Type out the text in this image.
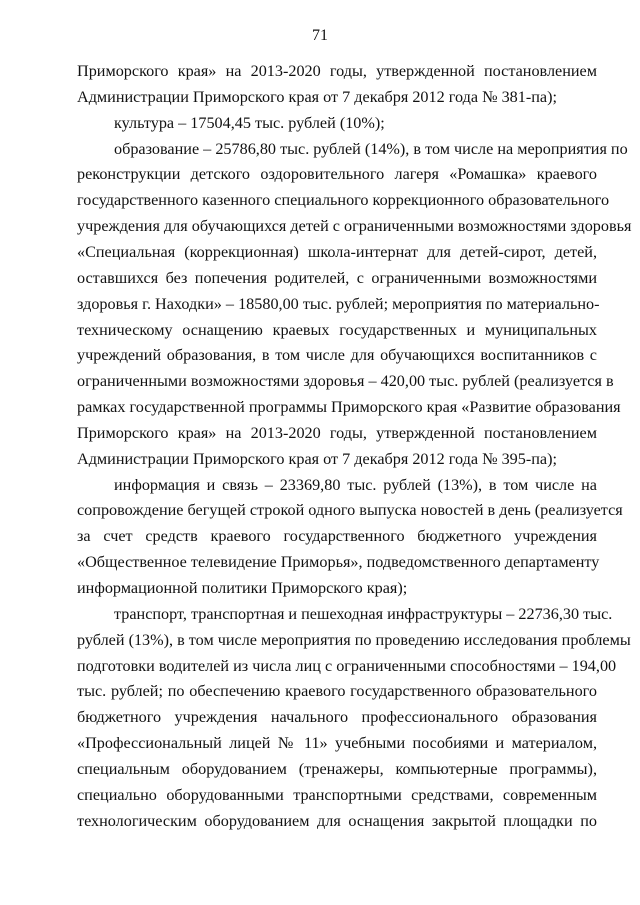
71
Приморского края» на 2013-2020 годы, утвержденной постановлением
Администрации Приморского края от 7 декабря 2012 года № 381-па);
культура – 17504,45 тыс. рублей (10%);
образование – 25786,80 тыс. рублей (14%), в том числе на мероприятия по
реконструкции детского оздоровительного лагеря «Ромашка» краевого
государственного казенного специального коррекционного образовательного
учреждения для обучающихся детей с ограниченными возможностями здоровья
«Специальная (коррекционная) школа-интернат для детей-сирот, детей,
оставшихся без попечения родителей, с ограниченными возможностями
здоровья г. Находки» – 18580,00 тыс. рублей; мероприятия по материально-
техническому оснащению краевых государственных и муниципальных
учреждений образования, в том числе для обучающихся воспитанников с
ограниченными возможностями здоровья – 420,00 тыс. рублей (реализуется в
рамках государственной программы Приморского края «Развитие образования
Приморского края» на 2013-2020 годы, утвержденной постановлением
Администрации Приморского края от 7 декабря 2012 года № 395-па);
информация и связь – 23369,80 тыс. рублей (13%), в том числе на
сопровождение бегущей строкой одного выпуска новостей в день (реализуется
за счет средств краевого государственного бюджетного учреждения
«Общественное телевидение Приморья», подведомственного департаменту
информационной политики Приморского края);
транспорт, транспортная и пешеходная инфраструктуры – 22736,30 тыс.
рублей (13%), в том числе мероприятия по проведению исследования проблемы
подготовки водителей из числа лиц с ограниченными способностями – 194,00
тыс. рублей; по обеспечению краевого государственного образовательного
бюджетного учреждения начального профессионального образования
«Профессиональный лицей № 11» учебными пособиями и материалом,
специальным оборудованием (тренажеры, компьютерные программы),
специально оборудованными транспортными средствами, современным
технологическим оборудованием для оснащения закрытой площадки по
